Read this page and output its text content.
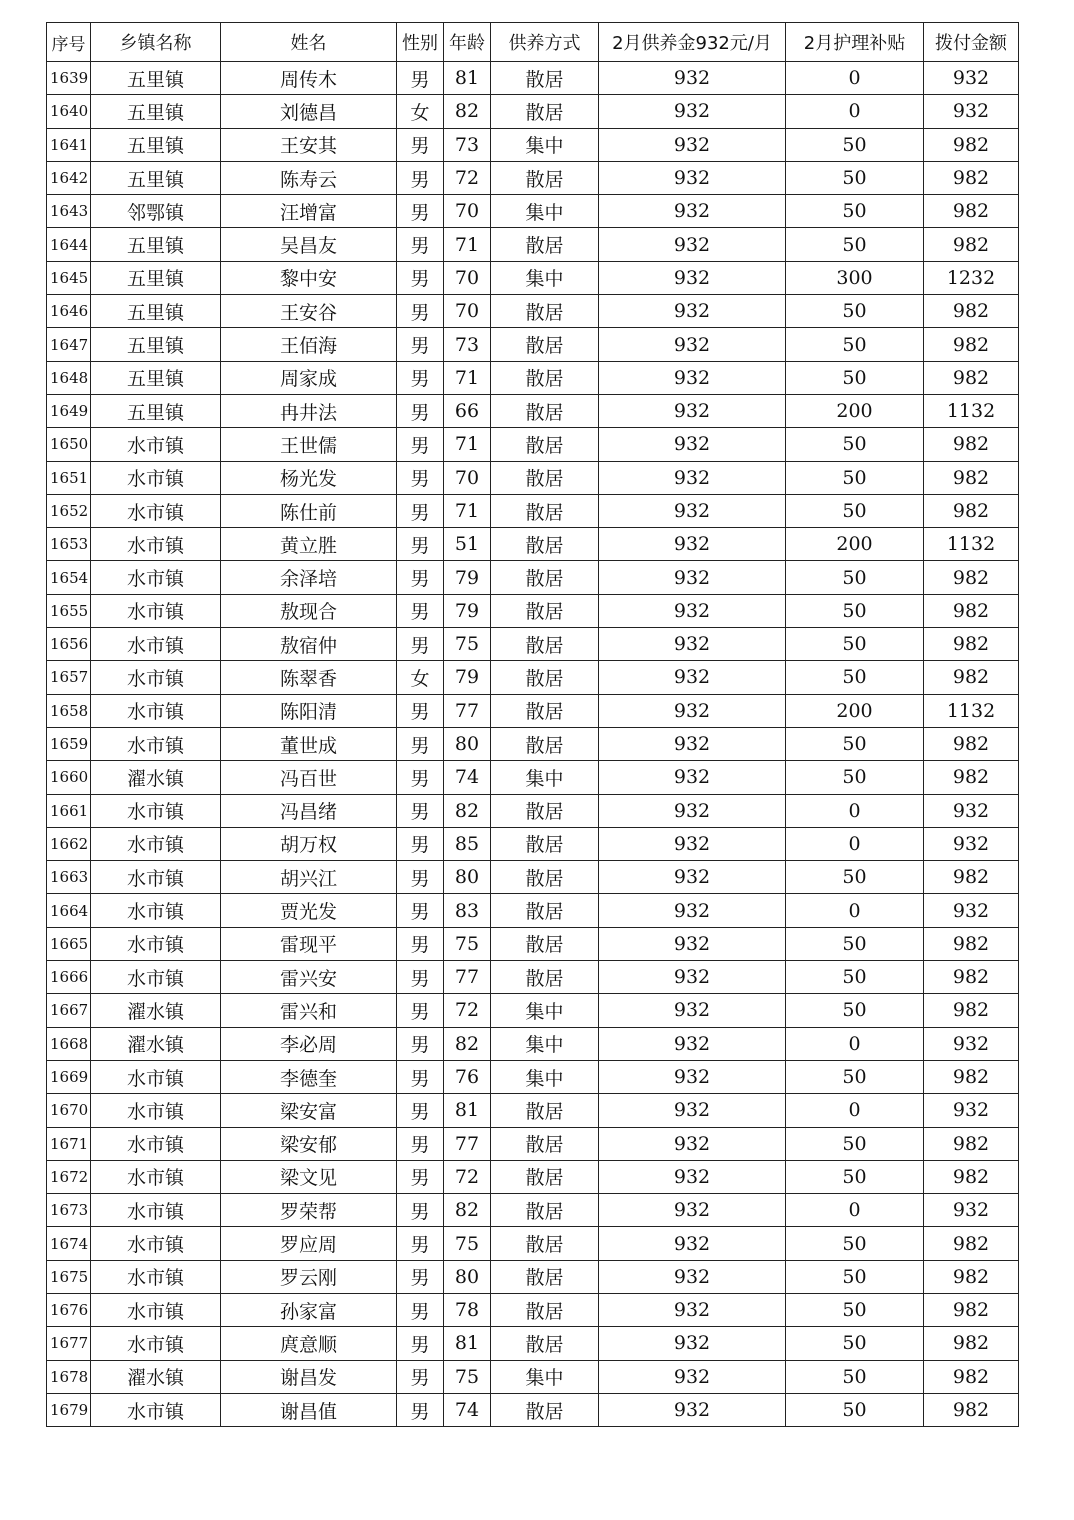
序号	乡镇名称	姓名	性别	年龄	供养方式	2月供养金932元/月	2月护理补贴	拨付金额
1639	五里镇	周传木	男	81	散居	932	0	932
1640	五里镇	刘德昌	女	82	散居	932	0	932
1641	五里镇	王安其	男	73	集中	932	50	982
1642	五里镇	陈寿云	男	72	散居	932	50	982
1643	邻鄂镇	汪增富	男	70	集中	932	50	982
1644	五里镇	吴昌友	男	71	散居	932	50	982
1645	五里镇	黎中安	男	70	集中	932	300	1232
1646	五里镇	王安谷	男	70	散居	932	50	982
1647	五里镇	王佰海	男	73	散居	932	50	982
1648	五里镇	周家成	男	71	散居	932	50	982
1649	五里镇	冉井法	男	66	散居	932	200	1132
1650	水市镇	王世儒	男	71	散居	932	50	982
1651	水市镇	杨光发	男	70	散居	932	50	982
1652	水市镇	陈仕前	男	71	散居	932	50	982
1653	水市镇	黄立胜	男	51	散居	932	200	1132
1654	水市镇	余泽培	男	79	散居	932	50	982
1655	水市镇	敖现合	男	79	散居	932	50	982
1656	水市镇	敖宿仲	男	75	散居	932	50	982
1657	水市镇	陈翠香	女	79	散居	932	50	982
1658	水市镇	陈阳清	男	77	散居	932	200	1132
1659	水市镇	董世成	男	80	散居	932	50	982
1660	濯水镇	冯百世	男	74	集中	932	50	982
1661	水市镇	冯昌绪	男	82	散居	932	0	932
1662	水市镇	胡万权	男	85	散居	932	0	932
1663	水市镇	胡兴江	男	80	散居	932	50	982
1664	水市镇	贾光发	男	83	散居	932	0	932
1665	水市镇	雷现平	男	75	散居	932	50	982
1666	水市镇	雷兴安	男	77	散居	932	50	982
1667	濯水镇	雷兴和	男	72	集中	932	50	982
1668	濯水镇	李必周	男	82	集中	932	0	932
1669	水市镇	李德奎	男	76	集中	932	50	982
1670	水市镇	梁安富	男	81	散居	932	0	932
1671	水市镇	梁安郁	男	77	散居	932	50	982
1672	水市镇	梁文见	男	72	散居	932	50	982
1673	水市镇	罗荣帮	男	82	散居	932	0	932
1674	水市镇	罗应周	男	75	散居	932	50	982
1675	水市镇	罗云刚	男	80	散居	932	50	982
1676	水市镇	孙家富	男	78	散居	932	50	982
1677	水市镇	庹意顺	男	81	散居	932	50	982
1678	濯水镇	谢昌发	男	75	集中	932	50	982
1679	水市镇	谢昌值	男	74	散居	932	50	982
